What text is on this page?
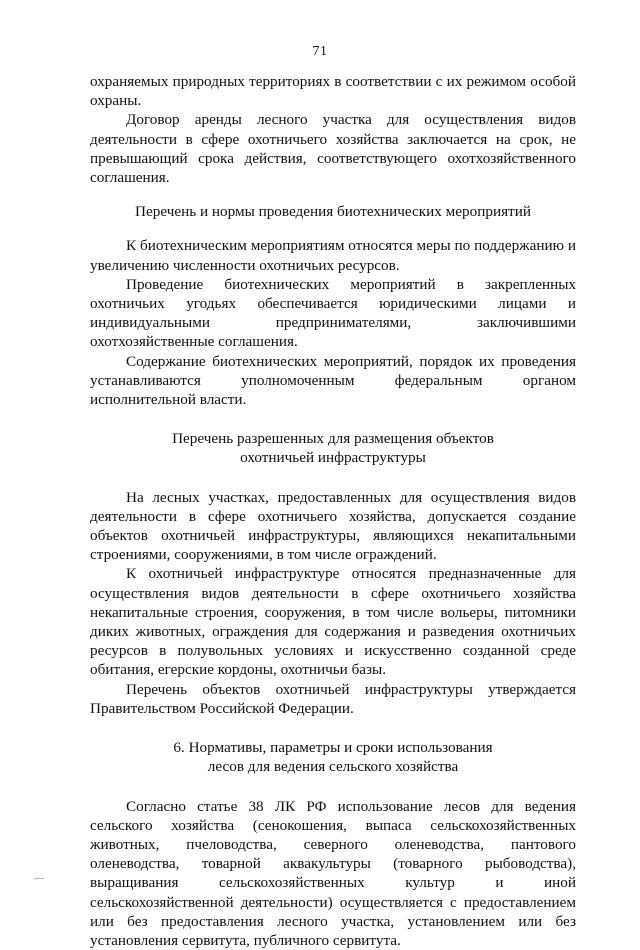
71

охраняемых природных территориях в соответствии с их режимом особой охраны.

Договор аренды лесного участка для осуществления видов деятельности в сфере охотничьего хозяйства заключается на срок, не превышающий срока действия, соответствующего охотхозяйственного соглашения.

Перечень и нормы проведения биотехнических мероприятий

К биотехническим мероприятиям относятся меры по поддержанию и увеличению численности охотничьих ресурсов.

Проведение биотехнических мероприятий в закрепленных охотничьих угодьях обеспечивается юридическими лицами и индивидуальными предпринимателями, заключившими охотхозяйственные соглашения.

Содержание биотехнических мероприятий, порядок их проведения устанавливаются уполномоченным федеральным органом исполнительной власти.

Перечень разрешенных для размещения объектов

охотничьей инфраструктуры

На лесных участках, предоставленных для осуществления видов деятельности в сфере охотничьего хозяйства, допускается создание объектов охотничьей инфраструктуры, являющихся некапитальными строениями, сооружениями, в том числе ограждений.

К охотничьей инфраструктуре относятся предназначенные для осуществления видов деятельности в сфере охотничьего хозяйства некапитальные строения, сооружения, в том числе вольеры, питомники диких животных, ограждения для содержания и разведения охотничьих ресурсов в полувольных условиях и искусственно созданной среде обитания, егерские кордоны, охотничьи базы.

Перечень объектов охотничьей инфраструктуры утверждается Правительством Российской Федерации.

6. Нормативы, параметры и сроки использования

лесов для ведения сельского хозяйства

Согласно статье 38 ЛК РФ использование лесов для ведения сельского хозяйства (сенокошения, выпаса сельскохозяйственных животных, пчеловодства, северного оленеводства, пантового оленеводства, товарной аквакультуры (товарного рыбоводства), выращивания сельскохозяйственных культур и иной сельскохозяйственной деятельности) осуществляется с предоставлением или без предоставления лесного участка, установлением или без установления сервитута, публичного сервитута.
